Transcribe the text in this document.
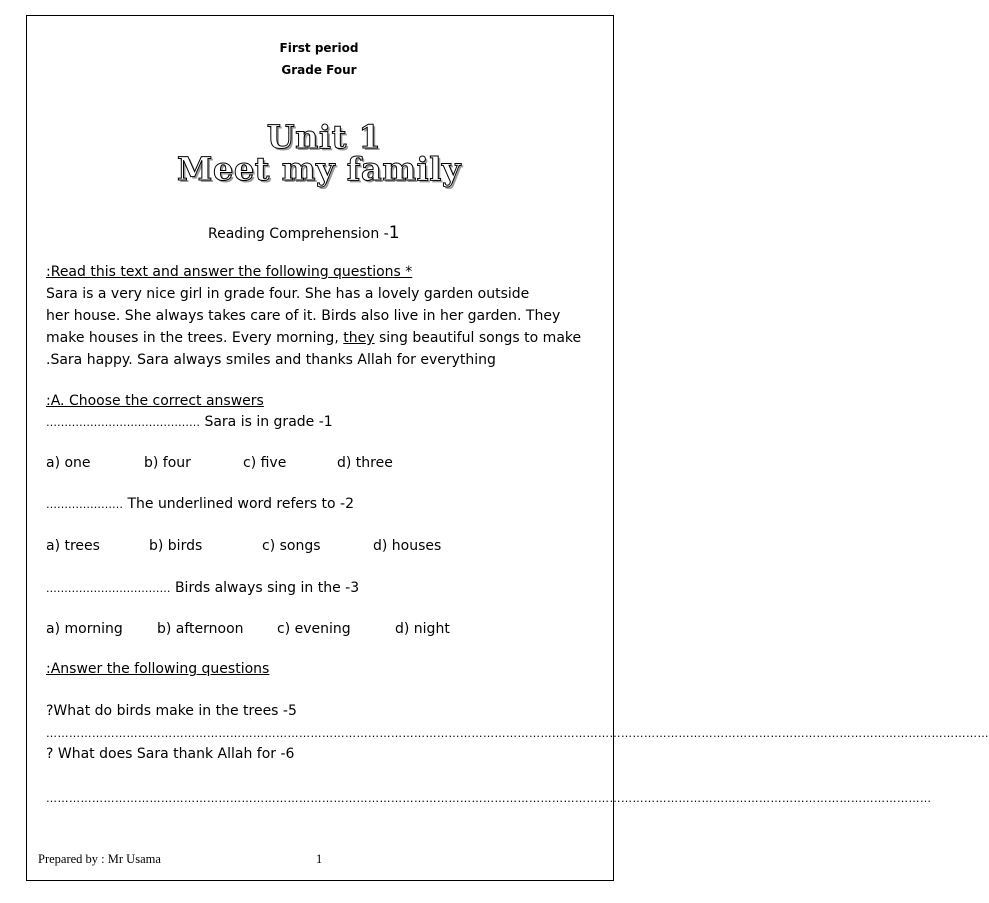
First period
Grade Four
Unit 1
Meet my family
Reading Comprehension -1
:Read this text and answer the following questions *
Sara is a very nice girl in grade four. She has a lovely garden outside
her house. She always takes care of it. Birds also live in her garden. They
make houses in the trees. Every morning, they sing beautiful songs to make
.Sara happy. Sara always smiles and thanks Allah for everything
:A. Choose the correct answers
…………………………………… Sara is in grade -1
a) one	b) four	c) five	d) three
………………… The underlined word refers to -2
a) trees	b) birds	c) songs	d) houses
.…………………………… Birds always sing in the -3
a) morning b) afternoon c) evening	d) night
:Answer the following questions
?What do birds make in the trees -5
…………………………………………………………………………………………………………………………………………………………………………………………………………………………
? What does Sara thank Allah for -6
……………………………………………………………………………………………………………………………………………………………………………………………………………
Prepared by : Mr Usama	1
